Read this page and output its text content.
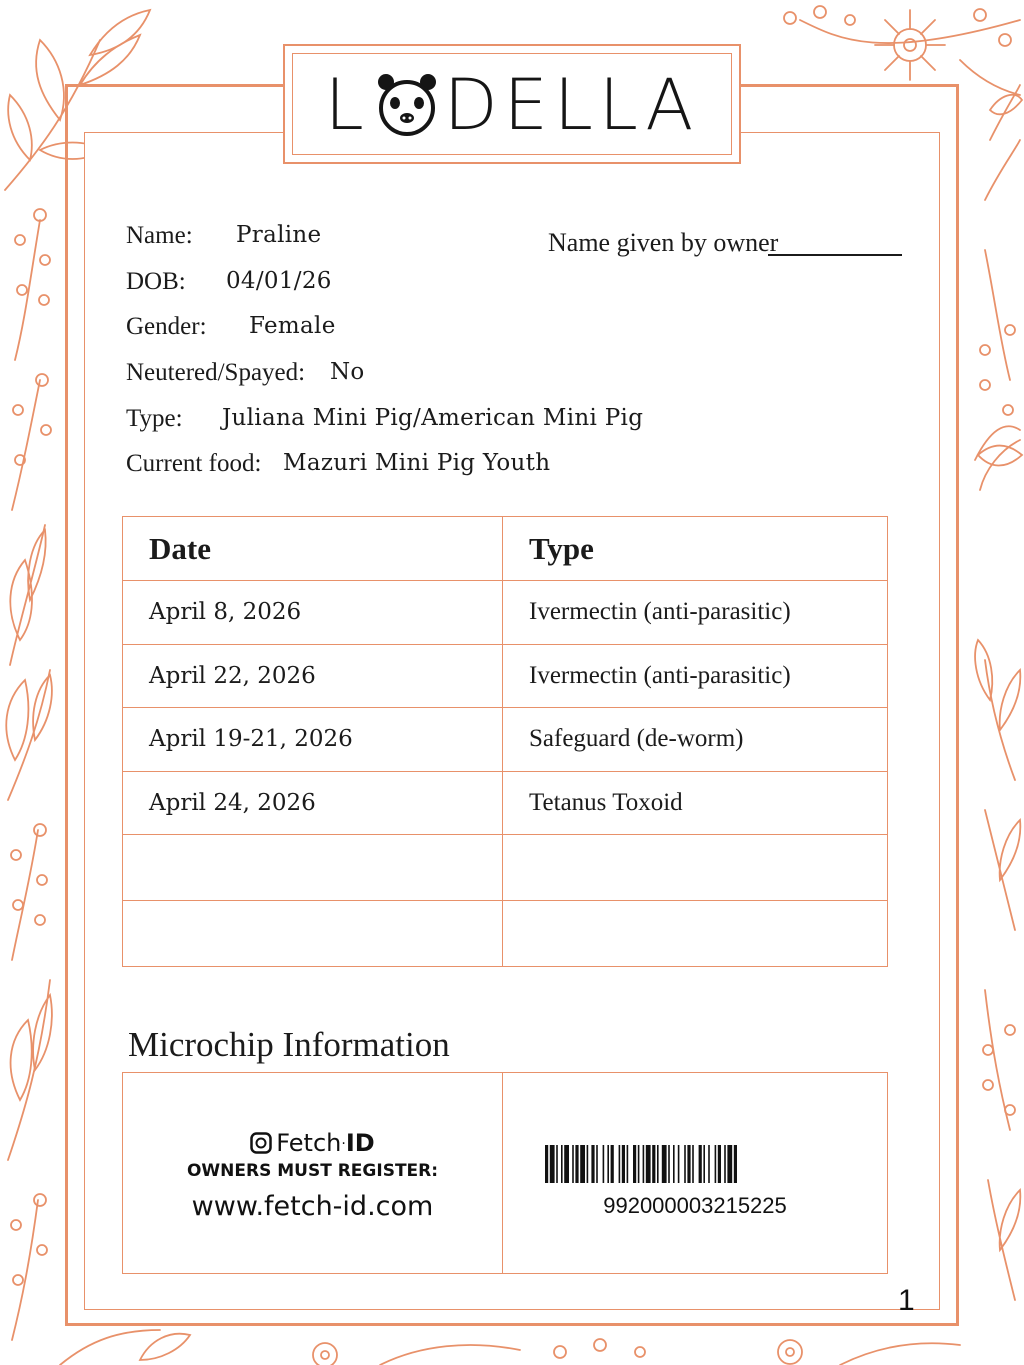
L DELLA
Name: Praline
DOB: 04/01/26
Gender: Female
Neutered/Spayed: No
Type: Juliana Mini Pig/American Mini Pig
Current food: Mazuri Mini Pig Youth
Name given by owner
Date	Type
April 8, 2026	Ivermectin (anti-parasitic)
April 22, 2026	Ivermectin (anti-parasitic)
April 19-21, 2026	Safeguard (de-worm)
April 24, 2026	Tetanus Toxoid

Microchip Information
Fetch·ID
OWNERS MUST REGISTER:
www.fetch-id.com	992000003215225
1
